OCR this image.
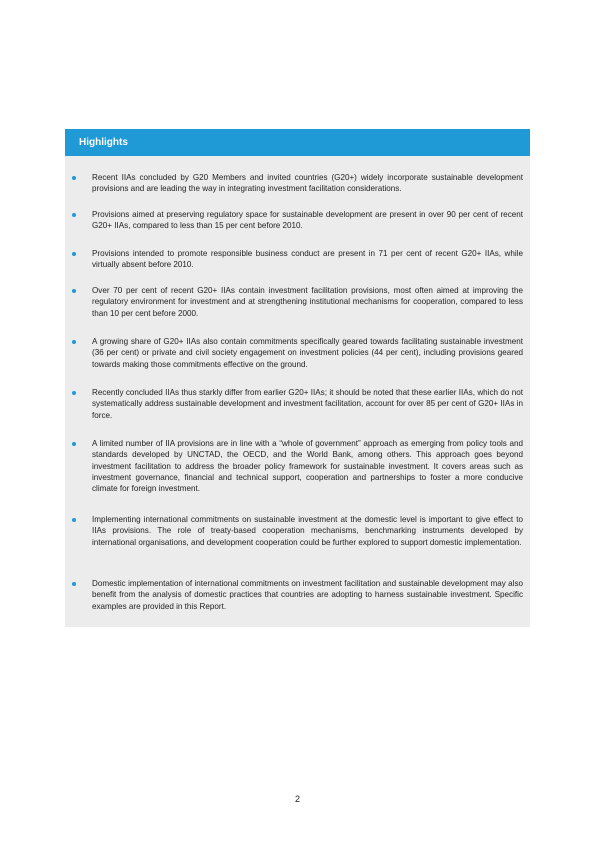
Highlights
Recent IIAs concluded by G20 Members and invited countries (G20+) widely incorporate sustainable development provisions and are leading the way in integrating investment facilitation considerations.
Provisions aimed at preserving regulatory space for sustainable development are present in over 90 per cent of recent G20+ IIAs, compared to less than 15 per cent before 2010.
Provisions intended to promote responsible business conduct are present in 71 per cent of recent G20+ IIAs, while virtually absent before 2010.
Over 70 per cent of recent G20+ IIAs contain investment facilitation provisions, most often aimed at improving the regulatory environment for investment and at strengthening institutional mechanisms for cooperation, compared to less than 10 per cent before 2000.
A growing share of G20+ IIAs also contain commitments specifically geared towards facilitating sustainable investment (36 per cent) or private and civil society engagement on investment policies (44 per cent), including provisions geared towards making those commitments effective on the ground.
Recently concluded IIAs thus starkly differ from earlier G20+ IIAs; it should be noted that these earlier IIAs, which do not systematically address sustainable development and investment facilitation, account for over 85 per cent of G20+ IIAs in force.
A limited number of IIA provisions are in line with a “whole of government” approach as emerging from policy tools and standards developed by UNCTAD, the OECD, and the World Bank, among others. This approach goes beyond investment facilitation to address the broader policy framework for sustainable investment. It covers areas such as investment governance, financial and technical support, cooperation and partnerships to foster a more conducive climate for foreign investment.
Implementing international commitments on sustainable investment at the domestic level is important to give effect to IIAs provisions. The role of treaty-based cooperation mechanisms, benchmarking instruments developed by international organisations, and development cooperation could be further explored to support domestic implementation.
Domestic implementation of international commitments on investment facilitation and sustainable development may also benefit from the analysis of domestic practices that countries are adopting to harness sustainable investment. Specific examples are provided in this Report.
2
